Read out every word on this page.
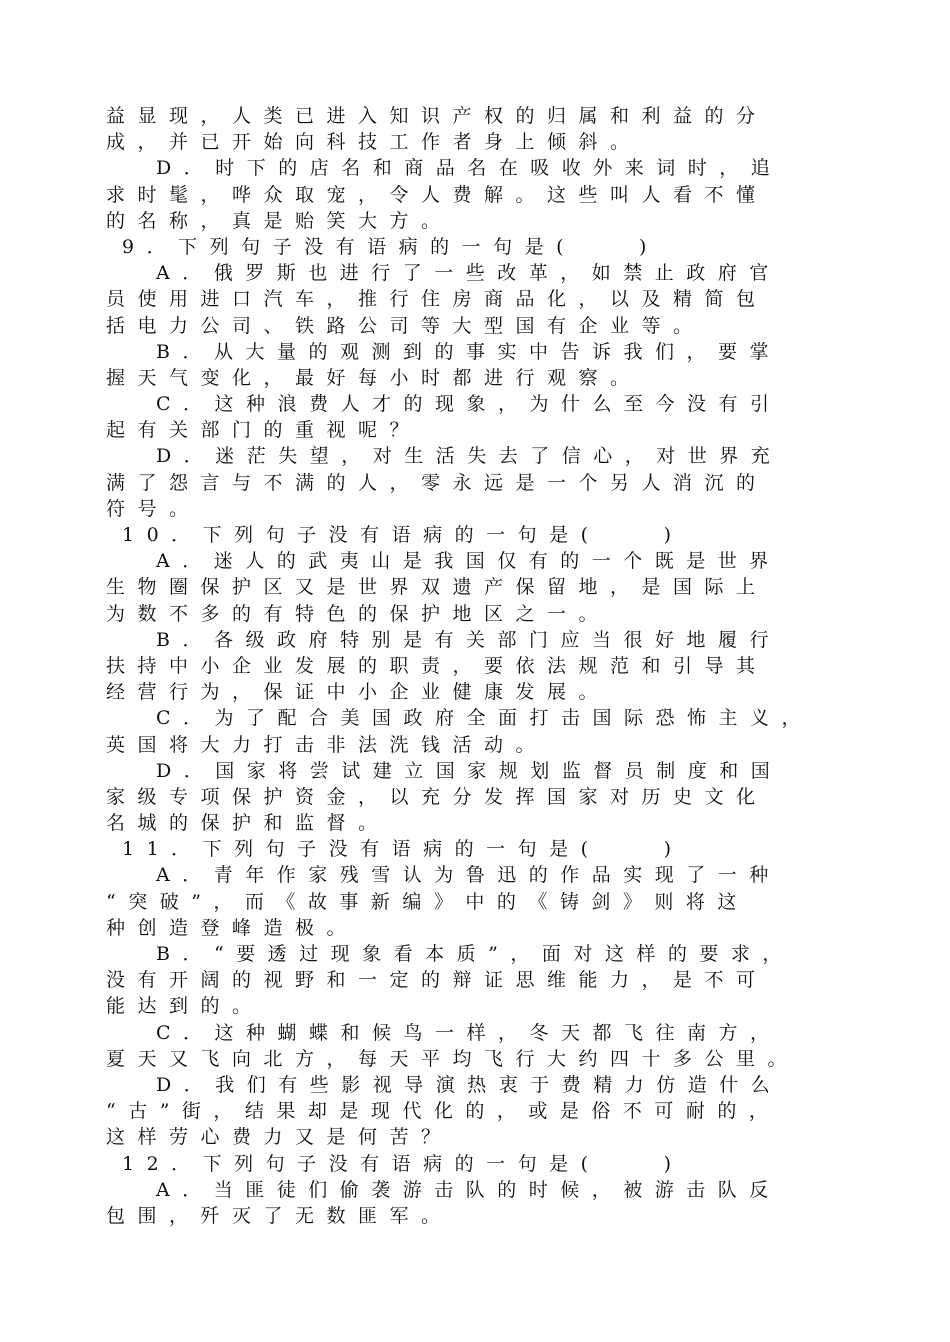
益显现，人类已进入知识产权的归属和利益的分
成，并已开始向科技工作者身上倾斜。
D．时下的店名和商品名在吸收外来词时，追
求时髦，哗众取宠，令人费解。这些叫人看不懂
的名称，真是贻笑大方。
9．下列句子没有语病的一句是(　　)
A．俄罗斯也进行了一些改革，如禁止政府官
员使用进口汽车，推行住房商品化，以及精简包
括电力公司、铁路公司等大型国有企业等。
B．从大量的观测到的事实中告诉我们，要掌
握天气变化，最好每小时都进行观察。
C．这种浪费人才的现象，为什么至今没有引
起有关部门的重视呢？
D．迷茫失望，对生活失去了信心，对世界充
满了怨言与不满的人，零永远是一个另人消沉的
符号。
10．下列句子没有语病的一句是(　　)
A．迷人的武夷山是我国仅有的一个既是世界
生物圈保护区又是世界双遗产保留地，是国际上
为数不多的有特色的保护地区之一。
B．各级政府特别是有关部门应当很好地履行
扶持中小企业发展的职责，要依法规范和引导其
经营行为，保证中小企业健康发展。
C．为了配合美国政府全面打击国际恐怖主义，
英国将大力打击非法洗钱活动。
D．国家将尝试建立国家规划监督员制度和国
家级专项保护资金，以充分发挥国家对历史文化
名城的保护和监督。
11．下列句子没有语病的一句是(　　)
A．青年作家残雪认为鲁迅的作品实现了一种
“突破”，而《故事新编》中的《铸剑》则将这
种创造登峰造极。
B．“要透过现象看本质”，面对这样的要求，
没有开阔的视野和一定的辩证思维能力，是不可
能达到的。
C．这种蝴蝶和候鸟一样，冬天都飞往南方，
夏天又飞向北方，每天平均飞行大约四十多公里。
D．我们有些影视导演热衷于费精力仿造什么
“古”街，结果却是现代化的，或是俗不可耐的，
这样劳心费力又是何苦？
12．下列句子没有语病的一句是(　　)
A．当匪徒们偷袭游击队的时候，被游击队反
包围，歼灭了无数匪军。
